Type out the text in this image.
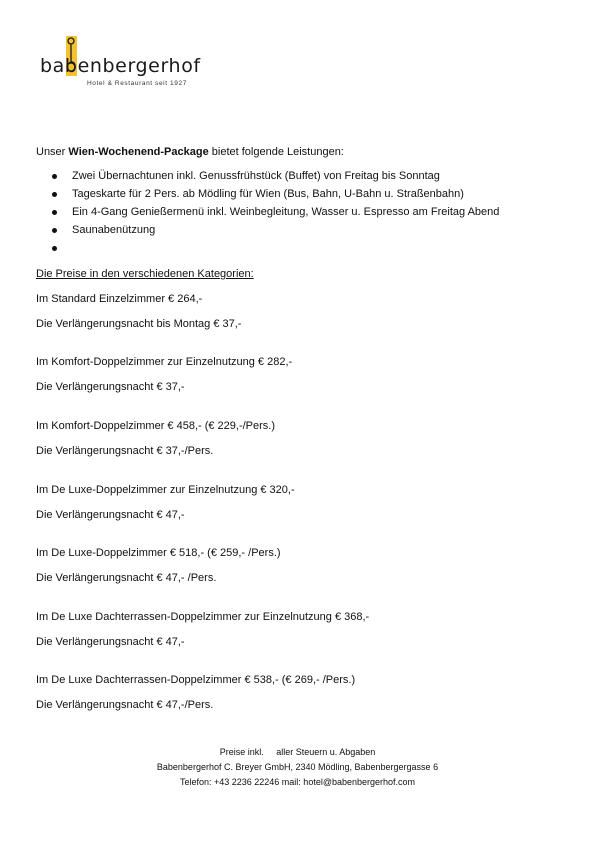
babenbergerhof
Hotel & Restaurant seit 1927
Unser Wien-Wochenend-Package bietet folgende Leistungen:
Zwei Übernachtunen inkl. Genussfrühstück (Buffet) von Freitag bis Sonntag
Tageskarte für 2 Pers. ab Mödling für Wien (Bus, Bahn, U-Bahn u. Straßenbahn)
Ein 4-Gang Genießermenü inkl. Weinbegleitung, Wasser u. Espresso am Freitag Abend
Saunabenützung
Die Preise in den verschiedenen Kategorien:
Im Standard Einzelzimmer € 264,-
Die Verlängerungsnacht bis Montag € 37,-
Im Komfort-Doppelzimmer zur Einzelnutzung € 282,-
Die Verlängerungsnacht € 37,-
Im Komfort-Doppelzimmer € 458,- (€ 229,-/Pers.)
Die Verlängerungsnacht € 37,-/Pers.
Im De Luxe-Doppelzimmer zur Einzelnutzung € 320,-
Die Verlängerungsnacht € 47,-
Im De Luxe-Doppelzimmer € 518,- (€ 259,- /Pers.)
Die Verlängerungsnacht € 47,- /Pers.
Im De Luxe Dachterrassen-Doppelzimmer zur Einzelnutzung € 368,-
Die Verlängerungsnacht € 47,-
Im De Luxe Dachterrassen-Doppelzimmer € 538,- (€ 269,- /Pers.)
Die Verlängerungsnacht € 47,-/Pers.
Preise inkl.     aller Steuern u. Abgaben
Babenbergerhof C. Breyer GmbH, 2340 Mödling, Babenbergergasse 6
Telefon: +43 2236 22246 mail: hotel@babenbergerhof.com
